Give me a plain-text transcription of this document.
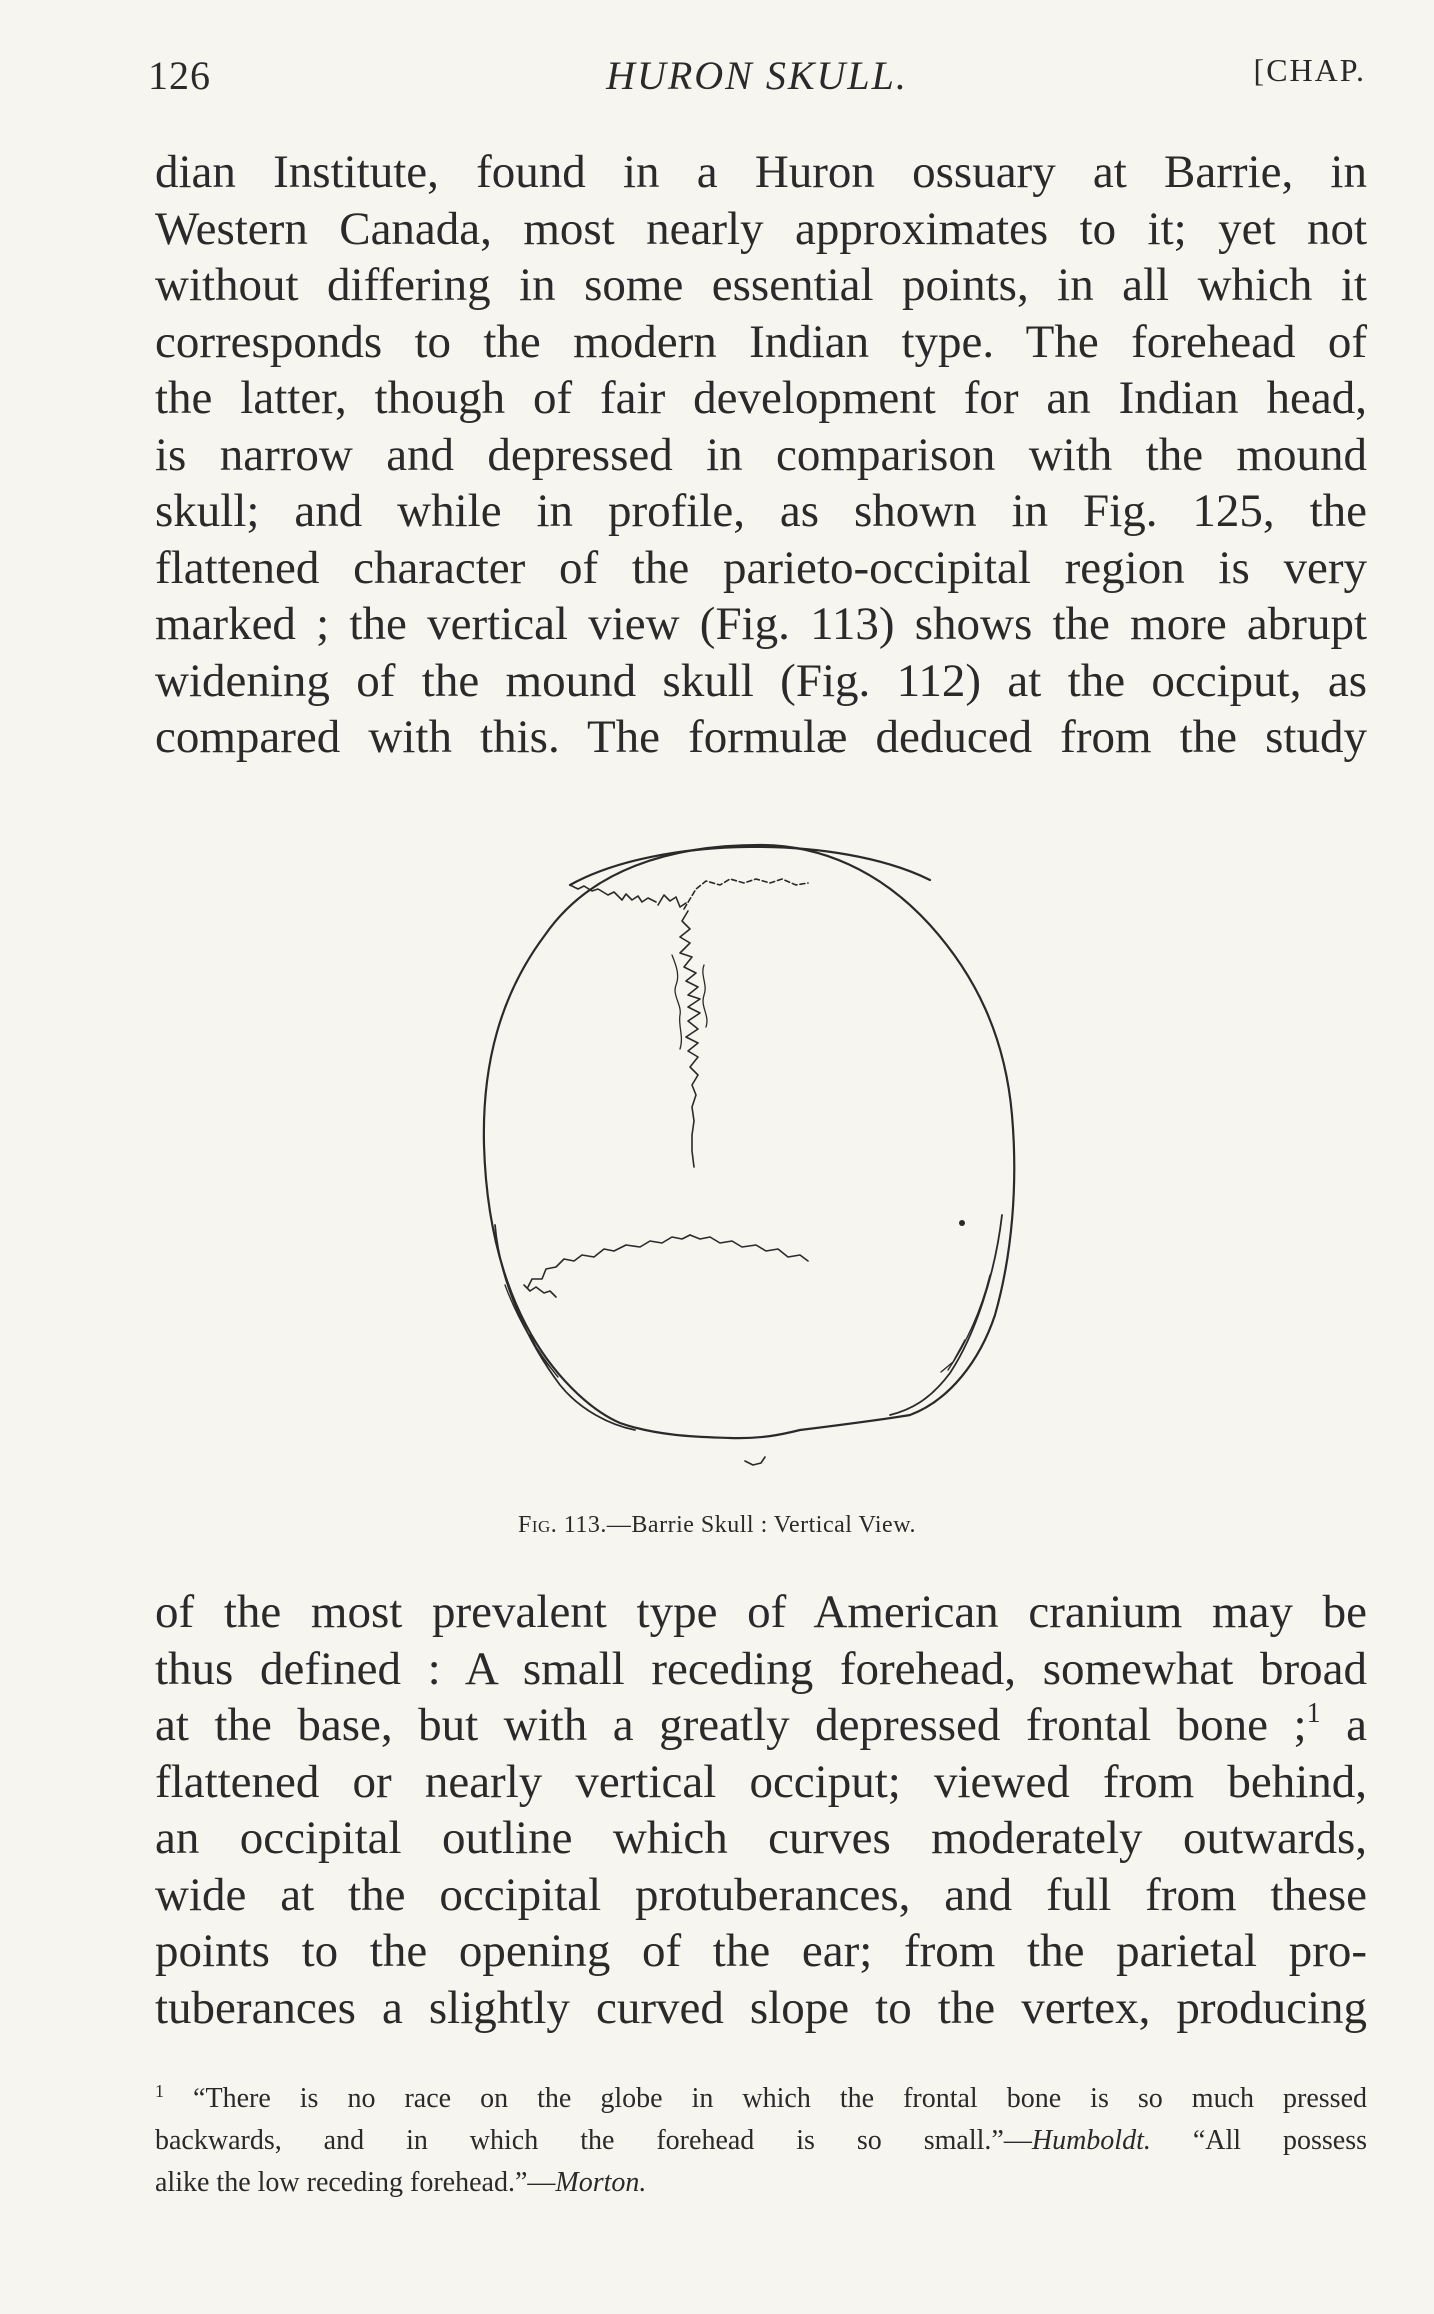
126	HURON SKULL.	[CHAP.
dian Institute, found in a Huron ossuary at Barrie, in
Western Canada, most nearly approximates to it; yet not
without differing in some essential points, in all which it
corresponds to the modern Indian type. The forehead of
the latter, though of fair development for an Indian head,
is narrow and depressed in comparison with the mound
skull; and while in profile, as shown in Fig. 125, the
flattened character of the parieto-occipital region is very
marked ; the vertical view (Fig. 113) shows the more abrupt
widening of the mound skull (Fig. 112) at the occiput, as
compared with this. The formulæ deduced from the study
Fig. 113.—Barrie Skull : Vertical View.
of the most prevalent type of American cranium may be
thus defined : A small receding forehead, somewhat broad
at the base, but with a greatly depressed frontal bone ;$^1$ a
flattened or nearly vertical occiput; viewed from behind,
an occipital outline which curves moderately outwards,
wide at the occipital protuberances, and full from these
points to the opening of the ear; from the parietal pro-
tuberances a slightly curved slope to the vertex, producing
$^1$ “There is no race on the globe in which the frontal bone is so much pressed
backwards, and in which the forehead is so small.”—Humboldt. “All possess
alike the low receding forehead.”—Morton.
